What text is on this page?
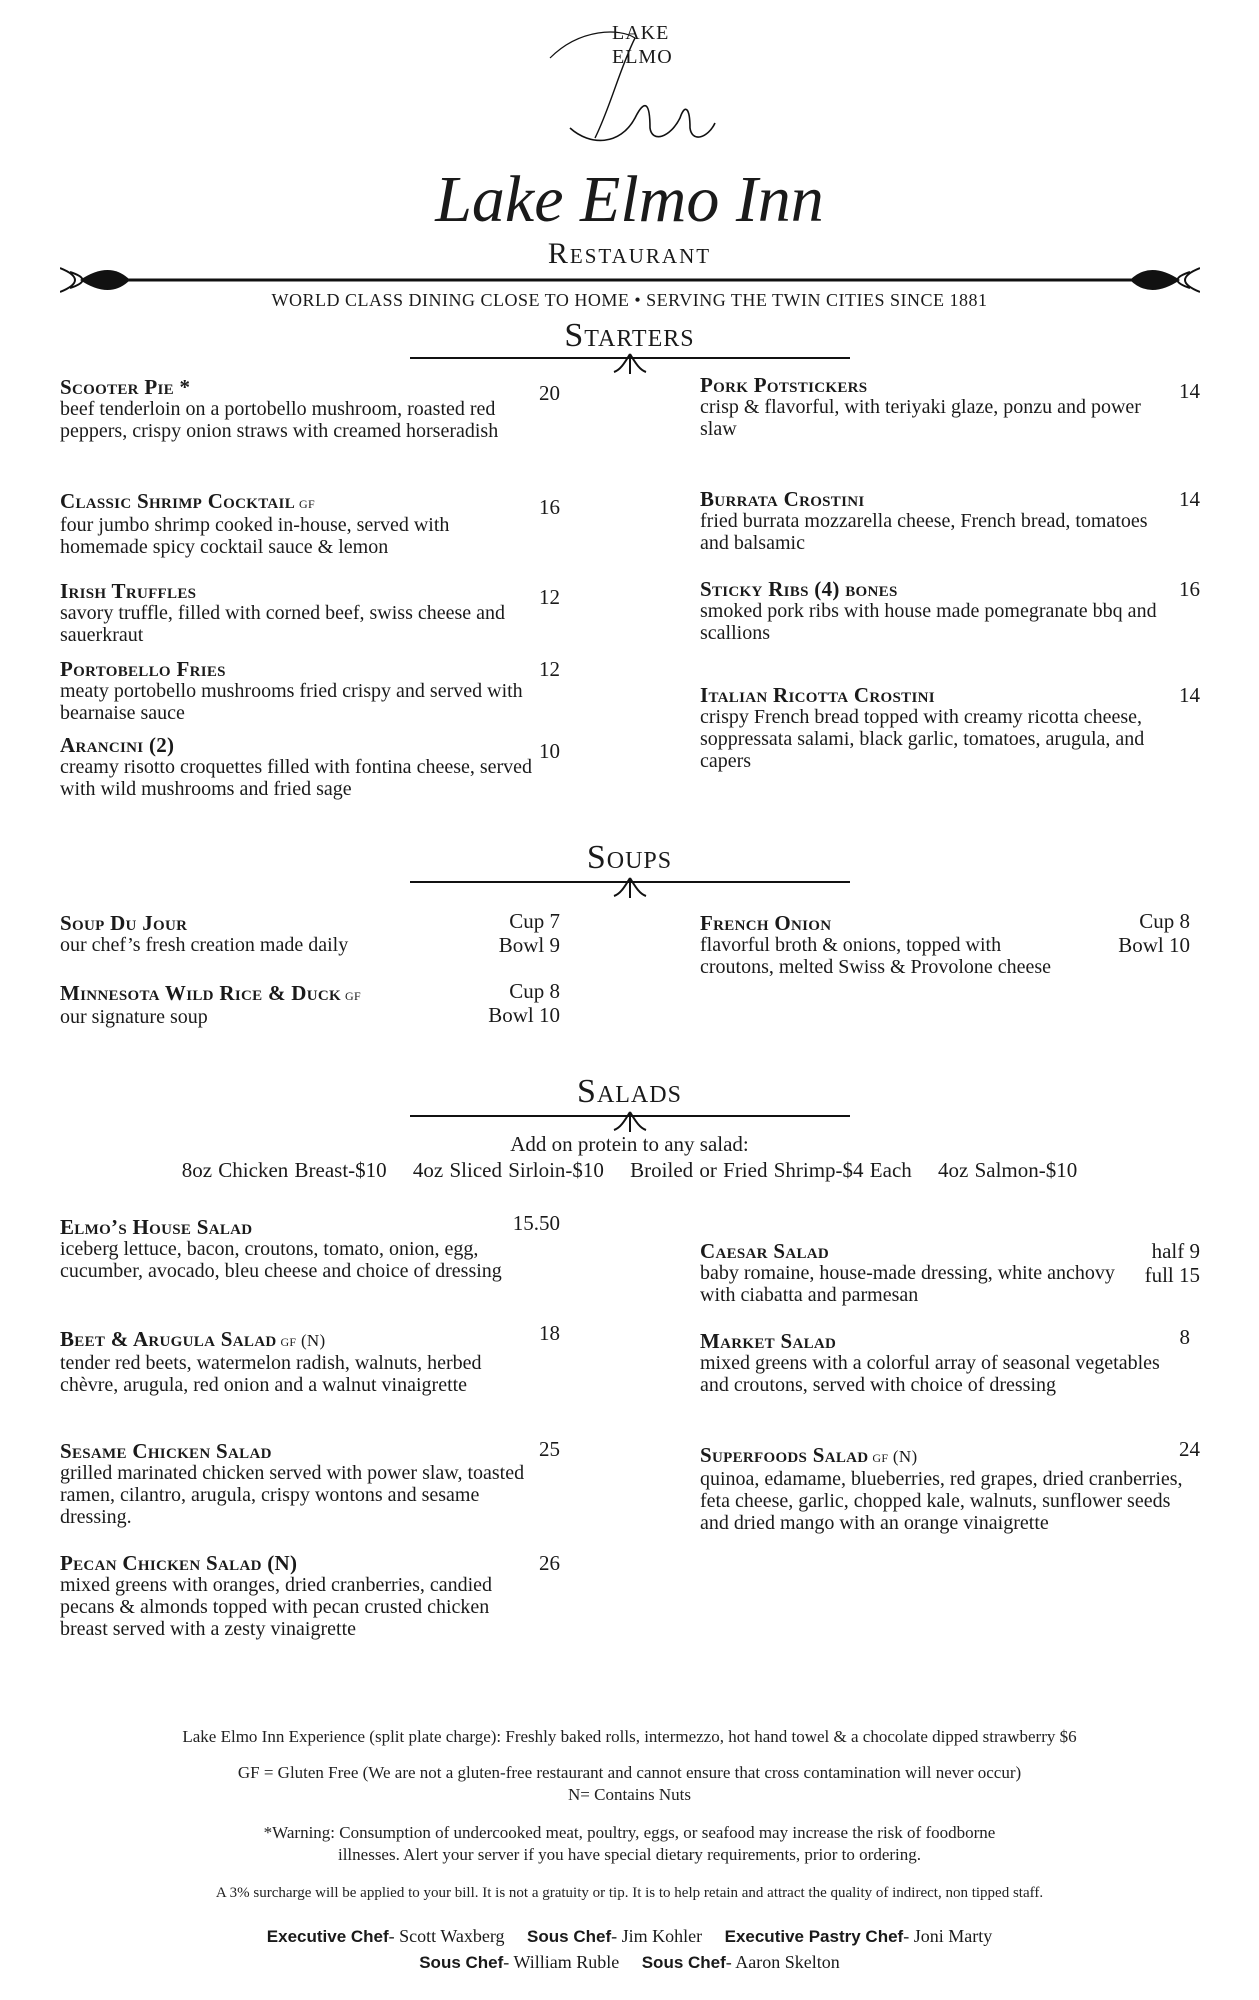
LAKE
ELMO
Lake Elmo Inn
Restaurant
WORLD CLASS DINING CLOSE TO HOME • SERVING THE TWIN CITIES SINCE 1881
Starters
Scooter Pie *
beef tenderloin on a portobello mushroom, roasted red peppers, crispy onion straws with creamed horseradish
20
Classic Shrimp Cocktail gf
four jumbo shrimp cooked in-house, served with homemade spicy cocktail sauce & lemon
16
Irish Truffles
savory truffle, filled with corned beef, swiss cheese and sauerkraut
12
Portobello Fries
meaty portobello mushrooms fried crispy and served with bearnaise sauce
12
Arancini (2)
creamy risotto croquettes filled with fontina cheese, served with wild mushrooms and fried sage
10
Pork Potstickers
crisp & flavorful, with teriyaki glaze, ponzu and power slaw
14
Burrata Crostini
fried burrata mozzarella cheese, French bread, tomatoes and balsamic
14
Sticky Ribs (4) bones
smoked pork ribs with house made pomegranate bbq and scallions
16
Italian Ricotta Crostini
crispy French bread topped with creamy ricotta cheese, soppressata salami, black garlic, tomatoes, arugula, and capers
14
Soups
Soup Du Jour
our chef’s fresh creation made daily
Cup 7
Bowl 9
Minnesota Wild Rice & Duck gf
our signature soup
Cup 8
Bowl 10
French Onion
flavorful broth & onions, topped with croutons, melted Swiss & Provolone cheese
Cup 8
Bowl 10
Salads
Add on protein to any salad:
8oz Chicken Breast-$10 4oz Sliced Sirloin-$10 Broiled or Fried Shrimp-$4 Each 4oz Salmon-$10
Elmo’s House Salad
iceberg lettuce, bacon, croutons, tomato, onion, egg, cucumber, avocado, bleu cheese and choice of dressing
15.50
Beet & Arugula Salad gf (N)
tender red beets, watermelon radish, walnuts, herbed chèvre, arugula, red onion and a walnut vinaigrette
18
Sesame Chicken Salad
grilled marinated chicken served with power slaw, toasted ramen, cilantro, arugula, crispy wontons and sesame dressing.
25
Pecan Chicken Salad (N)
mixed greens with oranges, dried cranberries, candied pecans & almonds topped with pecan crusted chicken breast served with a zesty vinaigrette
26
Caesar Salad
baby romaine, house-made dressing, white anchovy with ciabatta and parmesan
half 9
full 15
Market Salad
mixed greens with a colorful array of seasonal vegetables and croutons, served with choice of dressing
8
Superfoods Salad gf (N)
quinoa, edamame, blueberries, red grapes, dried cranberries, feta cheese, garlic, chopped kale, walnuts, sunflower seeds and dried mango with an orange vinaigrette
24
Lake Elmo Inn Experience (split plate charge): Freshly baked rolls, intermezzo, hot hand towel & a chocolate dipped strawberry $6
GF = Gluten Free (We are not a gluten-free restaurant and cannot ensure that cross contamination will never occur)
N= Contains Nuts
*Warning: Consumption of undercooked meat, poultry, eggs, or seafood may increase the risk of foodborne
illnesses. Alert your server if you have special dietary requirements, prior to ordering.
A 3% surcharge will be applied to your bill. It is not a gratuity or tip. It is to help retain and attract the quality of indirect, non tipped staff.
Executive Chef- Scott Waxberg Sous Chef- Jim Kohler Executive Pastry Chef- Joni Marty
Sous Chef- William Ruble Sous Chef- Aaron Skelton
